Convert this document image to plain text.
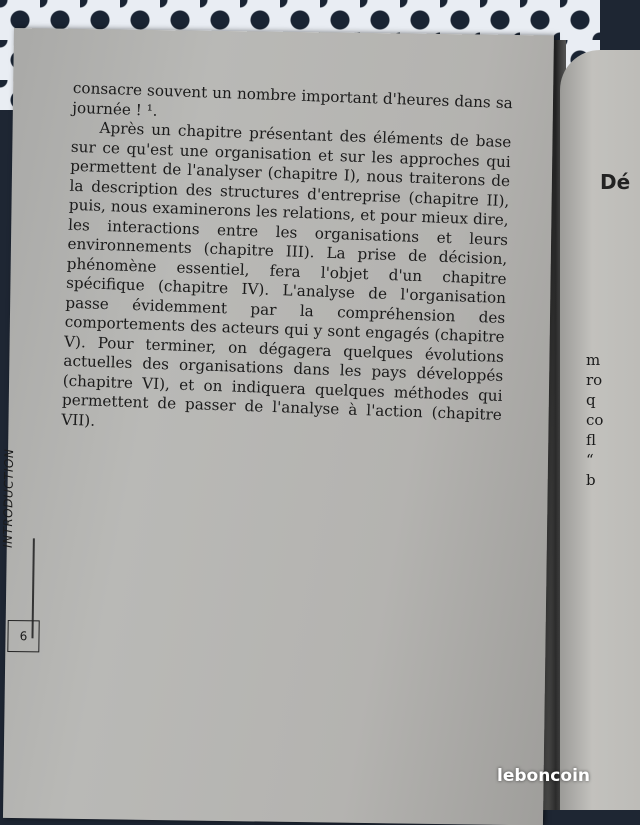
Dé
m
ro
q
co
fl
“
b

consacre souvent un nombre important d'heures dans sa journée ! ¹.

Après un chapitre présentant des éléments de base sur ce qu'est une organisation et sur les approches qui permettent de l'analyser (chapitre I), nous traiterons de la description des structures d'entreprise (chapitre II), puis, nous examinerons les relations, et pour mieux dire, les interactions entre les organisations et leurs environnements (chapitre III). La prise de décision, phénomène essentiel, fera l'objet d'un chapitre spécifique (chapitre IV). L'analyse de l'organisation passe évidemment par la compréhension des comportements des acteurs qui y sont engagés (chapitre V). Pour terminer, on dégagera quelques évolutions actuelles des organisations dans les pays développés (chapitre VI), et on indiquera quelques méthodes qui permettent de passer de l'analyse à l'action (chapitre VII).

INTRODUCTION
6
leboncoin
